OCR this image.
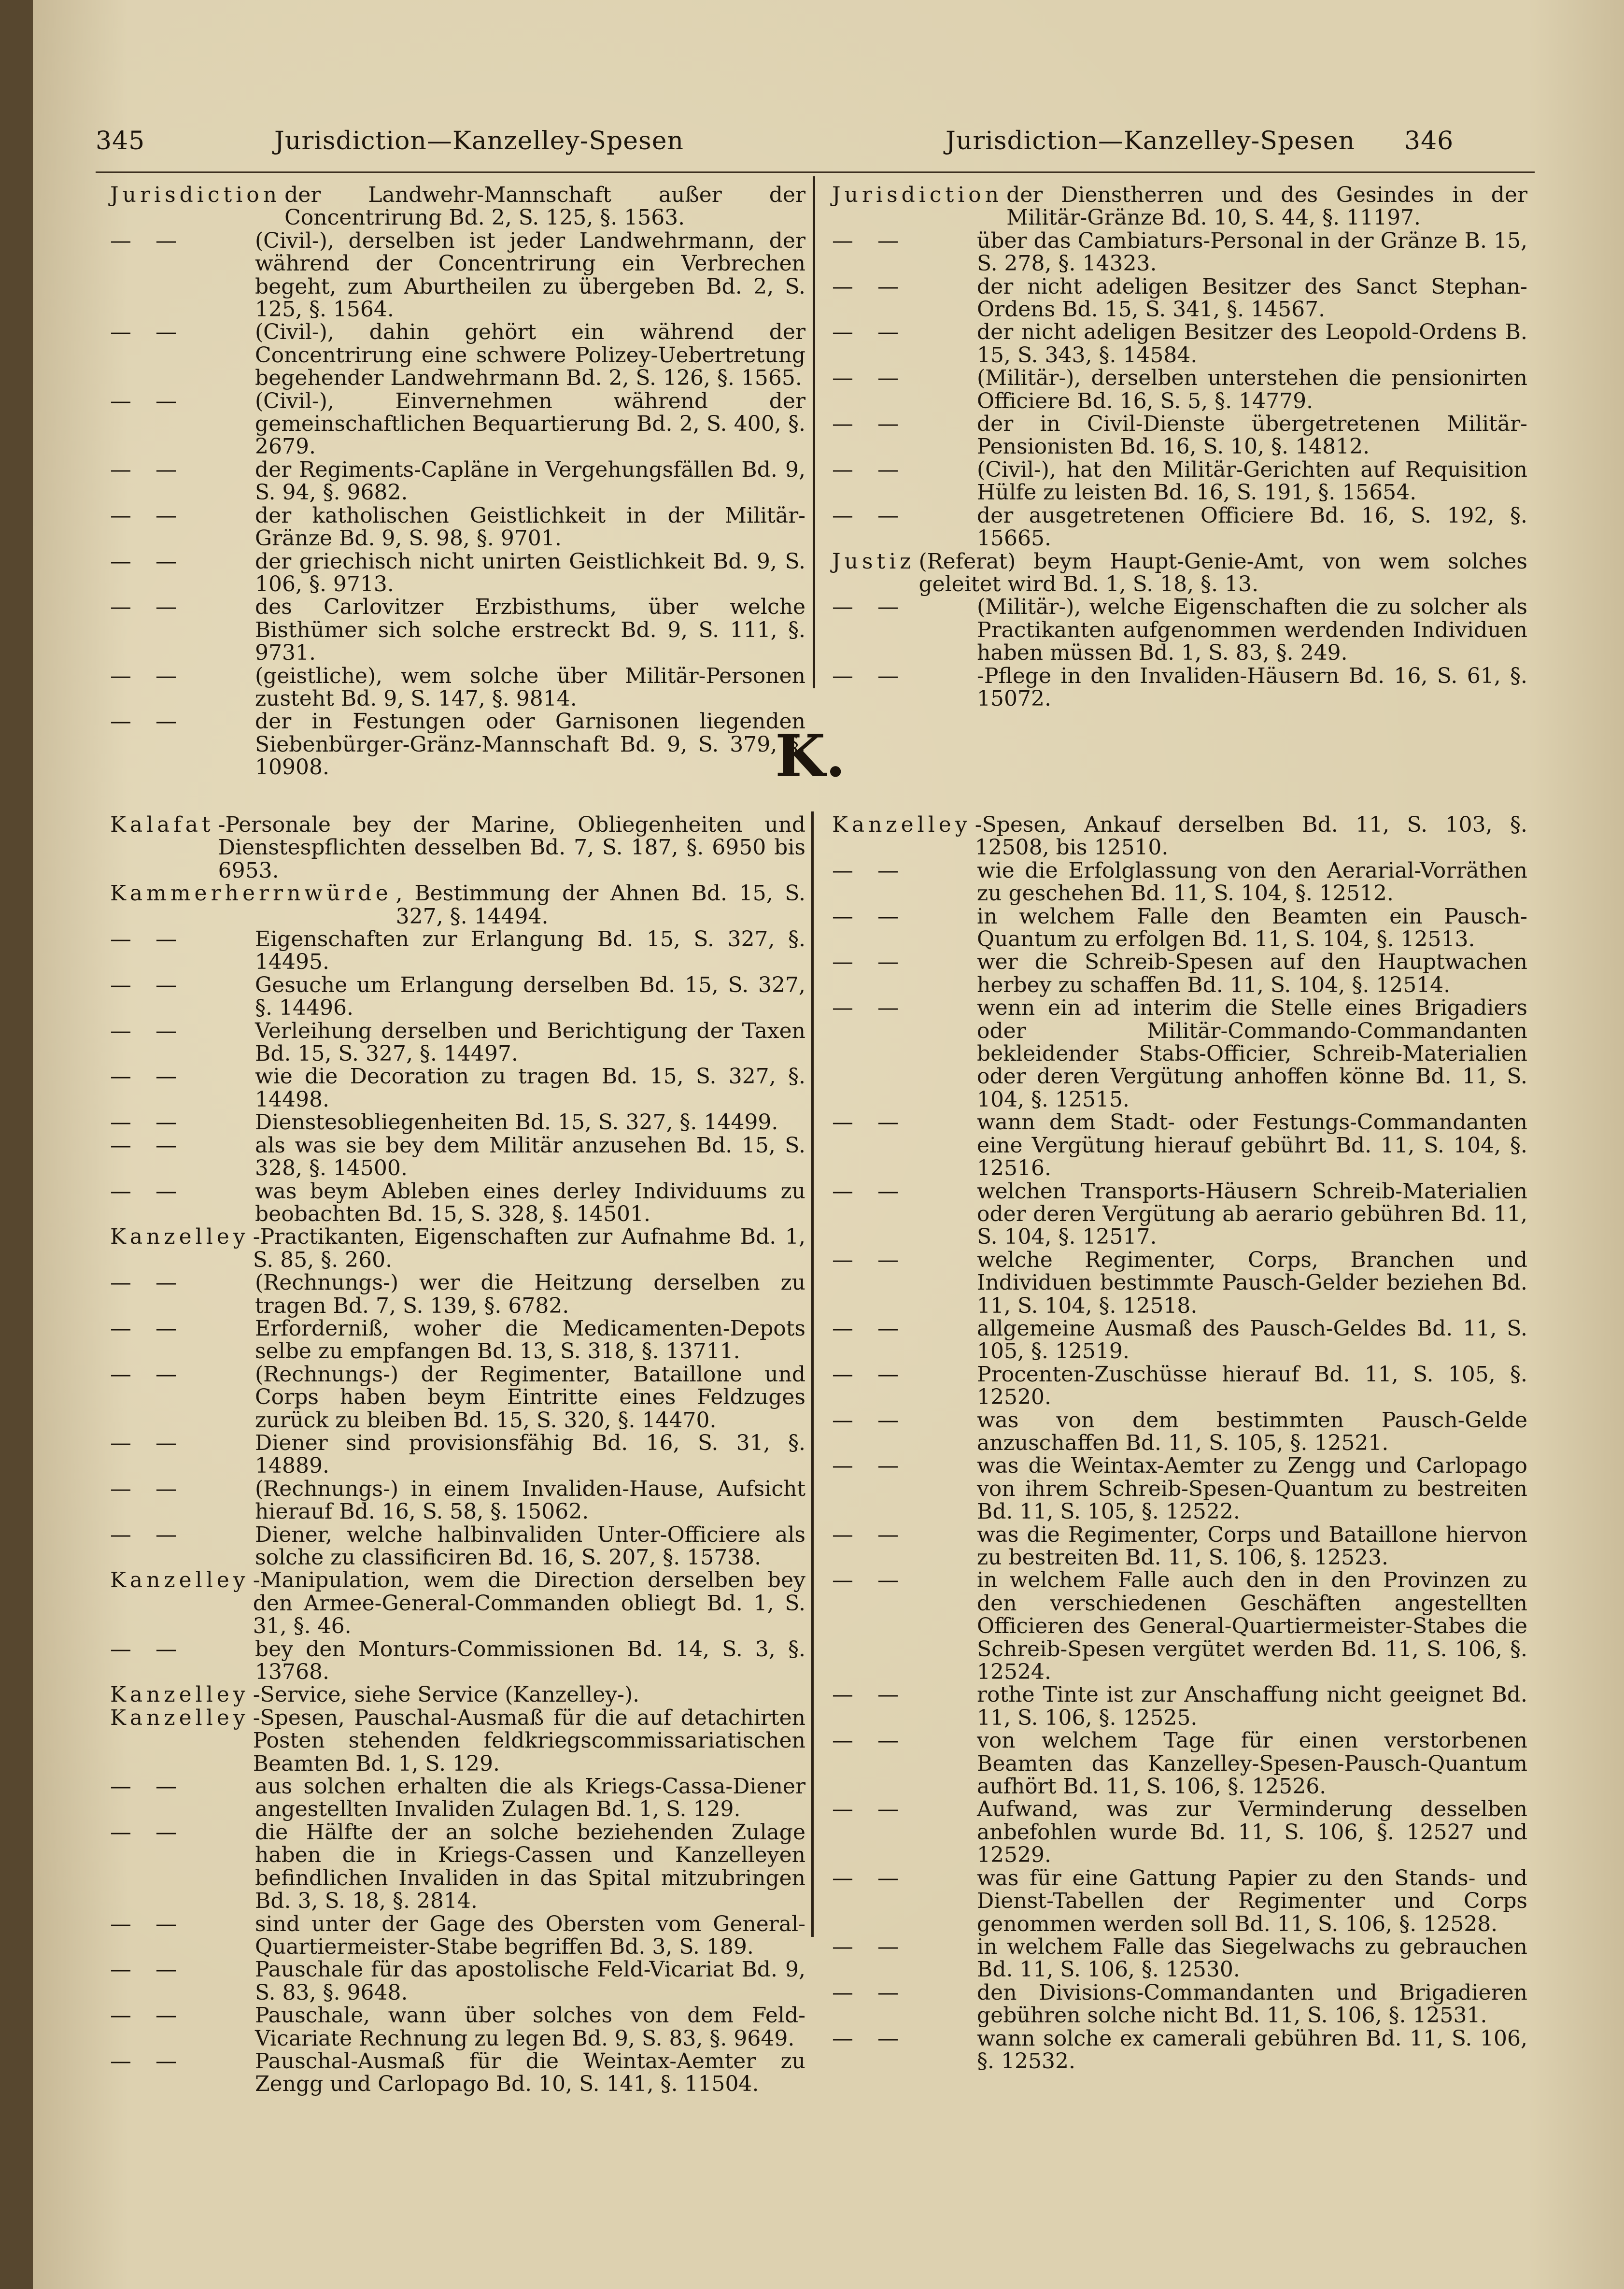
345	Jurisdiction—Kanzelley-Spesen	Jurisdiction—Kanzelley-Spesen 346
Jurisdiction der Landwehr-Mannschaft außer der Concentrirung Bd. 2, S. 125, §. 1563.
— —	(Civil-), derselben ist jeder Landwehrmann, der während der Concentrirung ein Verbrechen begeht, zum Aburtheilen zu übergeben Bd. 2, S. 125, §. 1564.
— —	(Civil-), dahin gehört ein während der Concentrirung eine schwere Polizey-Uebertretung begehender Landwehrmann Bd. 2, S. 126, §. 1565.
— —	(Civil-), Einvernehmen während der gemeinschaftlichen Bequartierung Bd. 2, S. 400, §. 2679.
— —	der Regiments-Capläne in Vergehungsfällen Bd. 9, S. 94, §. 9682.
— —	der katholischen Geistlichkeit in der Militär-Gränze Bd. 9, S. 98, §. 9701.
— —	der griechisch nicht unirten Geistlichkeit Bd. 9, S. 106, §. 9713.
— —	des Carlovitzer Erzbisthums, über welche Bisthümer sich solche erstreckt Bd. 9, S. 111, §. 9731.
— —	(geistliche), wem solche über Militär-Personen zusteht Bd. 9, S. 147, §. 9814.
— —	der in Festungen oder Garnisonen liegenden Siebenbürger-Gränz-Mannschaft Bd. 9, S. 379, §. 10908.
Jurisdiction der Dienstherren und des Gesindes in der Militär-Gränze Bd. 10, S. 44, §. 11197.
— —	über das Cambiaturs-Personal in der Gränze B. 15, S. 278, §. 14323.
— —	der nicht adeligen Besitzer des Sanct Stephan-Ordens Bd. 15, S. 341, §. 14567.
— —	der nicht adeligen Besitzer des Leopold-Ordens B. 15, S. 343, §. 14584.
— —	(Militär-), derselben unterstehen die pensionirten Officiere Bd. 16, S. 5, §. 14779.
— —	der in Civil-Dienste übergetretenen Militär-Pensionisten Bd. 16, S. 10, §. 14812.
— —	(Civil-), hat den Militär-Gerichten auf Requisition Hülfe zu leisten Bd. 16, S. 191, §. 15654.
— —	der ausgetretenen Officiere Bd. 16, S. 192, §. 15665.
Justiz (Referat) beym Haupt-Genie-Amt, von wem solches geleitet wird Bd. 1, S. 18, §. 13.
— —	(Militär-), welche Eigenschaften die zu solcher als Practikanten aufgenommen werdenden Individuen haben müssen Bd. 1, S. 83, §. 249.
— —	-Pflege in den Invaliden-Häusern Bd. 16, S. 61, §. 15072.
K.
Kalafat -Personale bey der Marine, Obliegenheiten und Dienstespflichten desselben Bd. 7, S. 187, §. 6950 bis 6953.
Kammerherrnwürde , Bestimmung der Ahnen Bd. 15, S. 327, §. 14494.
— —	Eigenschaften zur Erlangung Bd. 15, S. 327, §. 14495.
— —	Gesuche um Erlangung derselben Bd. 15, S. 327, §. 14496.
— —	Verleihung derselben und Berichtigung der Taxen Bd. 15, S. 327, §. 14497.
— —	wie die Decoration zu tragen Bd. 15, S. 327, §. 14498.
— —	Dienstesobliegenheiten Bd. 15, S. 327, §. 14499.
— —	als was sie bey dem Militär anzusehen Bd. 15, S. 328, §. 14500.
— —	was beym Ableben eines derley Individuums zu beobachten Bd. 15, S. 328, §. 14501.
Kanzelley -Practikanten, Eigenschaften zur Aufnahme Bd. 1, S. 85, §. 260.
— —	(Rechnungs-) wer die Heitzung derselben zu tragen Bd. 7, S. 139, §. 6782.
— —	Erforderniß, woher die Medicamenten-Depots selbe zu empfangen Bd. 13, S. 318, §. 13711.
— —	(Rechnungs-) der Regimenter, Bataillone und Corps haben beym Eintritte eines Feldzuges zurück zu bleiben Bd. 15, S. 320, §. 14470.
— —	Diener sind provisionsfähig Bd. 16, S. 31, §. 14889.
— —	(Rechnungs-) in einem Invaliden-Hause, Aufsicht hierauf Bd. 16, S. 58, §. 15062.
— —	Diener, welche halbinvaliden Unter-Officiere als solche zu classificiren Bd. 16, S. 207, §. 15738.
Kanzelley -Manipulation, wem die Direction derselben bey den Armee-General-Commanden obliegt Bd. 1, S. 31, §. 46.
— —	bey den Monturs-Commissionen Bd. 14, S. 3, §. 13768.
Kanzelley -Service, siehe Service (Kanzelley-).
Kanzelley -Spesen, Pauschal-Ausmaß für die auf detachirten Posten stehenden feldkriegscommissariatischen Beamten Bd. 1, S. 129.
— —	aus solchen erhalten die als Kriegs-Cassa-Diener angestellten Invaliden Zulagen Bd. 1, S. 129.
— —	die Hälfte der an solche beziehenden Zulage haben die in Kriegs-Cassen und Kanzelleyen befindlichen Invaliden in das Spital mitzubringen Bd. 3, S. 18, §. 2814.
— —	sind unter der Gage des Obersten vom General-Quartiermeister-Stabe begriffen Bd. 3, S. 189.
— —	Pauschale für das apostolische Feld-Vicariat Bd. 9, S. 83, §. 9648.
— —	Pauschale, wann über solches von dem Feld-Vicariate Rechnung zu legen Bd. 9, S. 83, §. 9649.
— —	Pauschal-Ausmaß für die Weintax-Aemter zu Zengg und Carlopago Bd. 10, S. 141, §. 11504.
Kanzelley -Spesen, Ankauf derselben Bd. 11, S. 103, §. 12508, bis 12510.
— —	wie die Erfolglassung von den Aerarial-Vorräthen zu geschehen Bd. 11, S. 104, §. 12512.
— —	in welchem Falle den Beamten ein Pausch-Quantum zu erfolgen Bd. 11, S. 104, §. 12513.
— —	wer die Schreib-Spesen auf den Hauptwachen herbey zu schaffen Bd. 11, S. 104, §. 12514.
— —	wenn ein ad interim die Stelle eines Brigadiers oder Militär-Commando-Commandanten bekleidender Stabs-Officier, Schreib-Materialien oder deren Vergütung anhoffen könne Bd. 11, S. 104, §. 12515.
— —	wann dem Stadt- oder Festungs-Commandanten eine Vergütung hierauf gebührt Bd. 11, S. 104, §. 12516.
— —	welchen Transports-Häusern Schreib-Materialien oder deren Vergütung ab aerario gebühren Bd. 11, S. 104, §. 12517.
— —	welche Regimenter, Corps, Branchen und Individuen bestimmte Pausch-Gelder beziehen Bd. 11, S. 104, §. 12518.
— —	allgemeine Ausmaß des Pausch-Geldes Bd. 11, S. 105, §. 12519.
— —	Procenten-Zuschüsse hierauf Bd. 11, S. 105, §. 12520.
— —	was von dem bestimmten Pausch-Gelde anzuschaffen Bd. 11, S. 105, §. 12521.
— —	was die Weintax-Aemter zu Zengg und Carlopago von ihrem Schreib-Spesen-Quantum zu bestreiten Bd. 11, S. 105, §. 12522.
— —	was die Regimenter, Corps und Bataillone hiervon zu bestreiten Bd. 11, S. 106, §. 12523.
— —	in welchem Falle auch den in den Provinzen zu den verschiedenen Geschäften angestellten Officieren des General-Quartiermeister-Stabes die Schreib-Spesen vergütet werden Bd. 11, S. 106, §. 12524.
— —	rothe Tinte ist zur Anschaffung nicht geeignet Bd. 11, S. 106, §. 12525.
— —	von welchem Tage für einen verstorbenen Beamten das Kanzelley-Spesen-Pausch-Quantum aufhört Bd. 11, S. 106, §. 12526.
— —	Aufwand, was zur Verminderung desselben anbefohlen wurde Bd. 11, S. 106, §. 12527 und 12529.
— —	was für eine Gattung Papier zu den Stands- und Dienst-Tabellen der Regimenter und Corps genommen werden soll Bd. 11, S. 106, §. 12528.
— —	in welchem Falle das Siegelwachs zu gebrauchen Bd. 11, S. 106, §. 12530.
— —	den Divisions-Commandanten und Brigadieren gebühren solche nicht Bd. 11, S. 106, §. 12531.
— —	wann solche ex camerali gebühren Bd. 11, S. 106, §. 12532.
